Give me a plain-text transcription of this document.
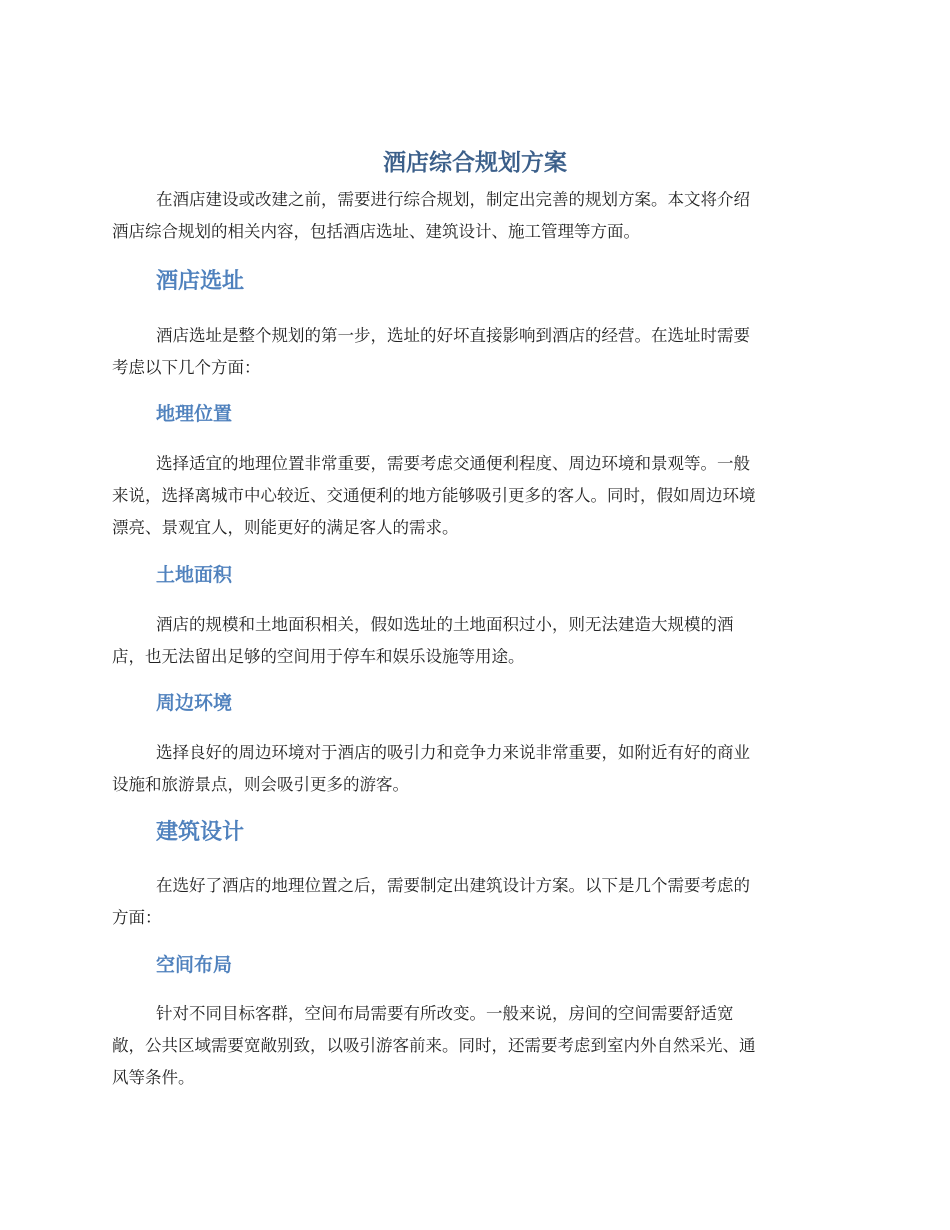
酒店综合规划方案
在酒店建设或改建之前，需要进行综合规划，制定出完善的规划方案。本文将介绍
酒店综合规划的相关内容，包括酒店选址、建筑设计、施工管理等方面。
酒店选址
酒店选址是整个规划的第一步，选址的好坏直接影响到酒店的经营。在选址时需要
考虑以下几个方面：
地理位置
选择适宜的地理位置非常重要，需要考虑交通便利程度、周边环境和景观等。一般
来说，选择离城市中心较近、交通便利的地方能够吸引更多的客人。同时，假如周边环境
漂亮、景观宜人，则能更好的满足客人的需求。
土地面积
酒店的规模和土地面积相关，假如选址的土地面积过小，则无法建造大规模的酒
店，也无法留出足够的空间用于停车和娱乐设施等用途。
周边环境
选择良好的周边环境对于酒店的吸引力和竞争力来说非常重要，如附近有好的商业
设施和旅游景点，则会吸引更多的游客。
建筑设计
在选好了酒店的地理位置之后，需要制定出建筑设计方案。以下是几个需要考虑的
方面：
空间布局
针对不同目标客群，空间布局需要有所改变。一般来说，房间的空间需要舒适宽
敞，公共区域需要宽敞别致，以吸引游客前来。同时，还需要考虑到室内外自然采光、通
风等条件。
